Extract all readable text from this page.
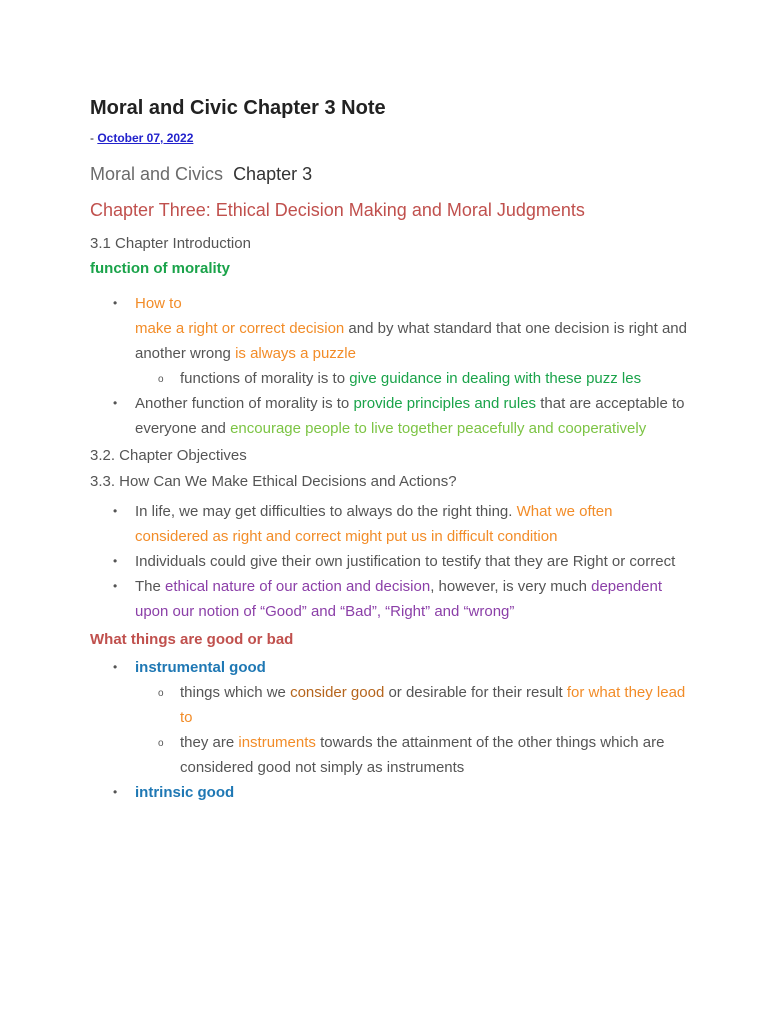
Moral and Civic Chapter 3 Note
- October 07, 2022
Moral and Civics Chapter 3
Chapter Three: Ethical Decision Making and Moral Judgments
3.1 Chapter Introduction
function of morality
• How to
make a right or correct decision and by what standard that one decision is right and another wrong is always a puzzle
o functions of morality is to give guidance in dealing with these puzz les
• Another function of morality is to provide principles and rules that are acceptable to everyone and encourage people to live together peacefully and cooperatively
3.2. Chapter Objectives
3.3. How Can We Make Ethical Decisions and Actions?
• In life, we may get difficulties to always do the right thing. What we often considered as right and correct might put us in difficult condition
• Individuals could give their own justification to testify that they are Right or correct
• The ethical nature of our action and decision, however, is very much dependent upon our notion of “Good” and “Bad”, “Right” and “wrong”
What things are good or bad
• instrumental good
o things which we consider good or desirable for their result for what they lead to
o they are instruments towards the attainment of the other things which are considered good not simply as instruments
• intrinsic good
